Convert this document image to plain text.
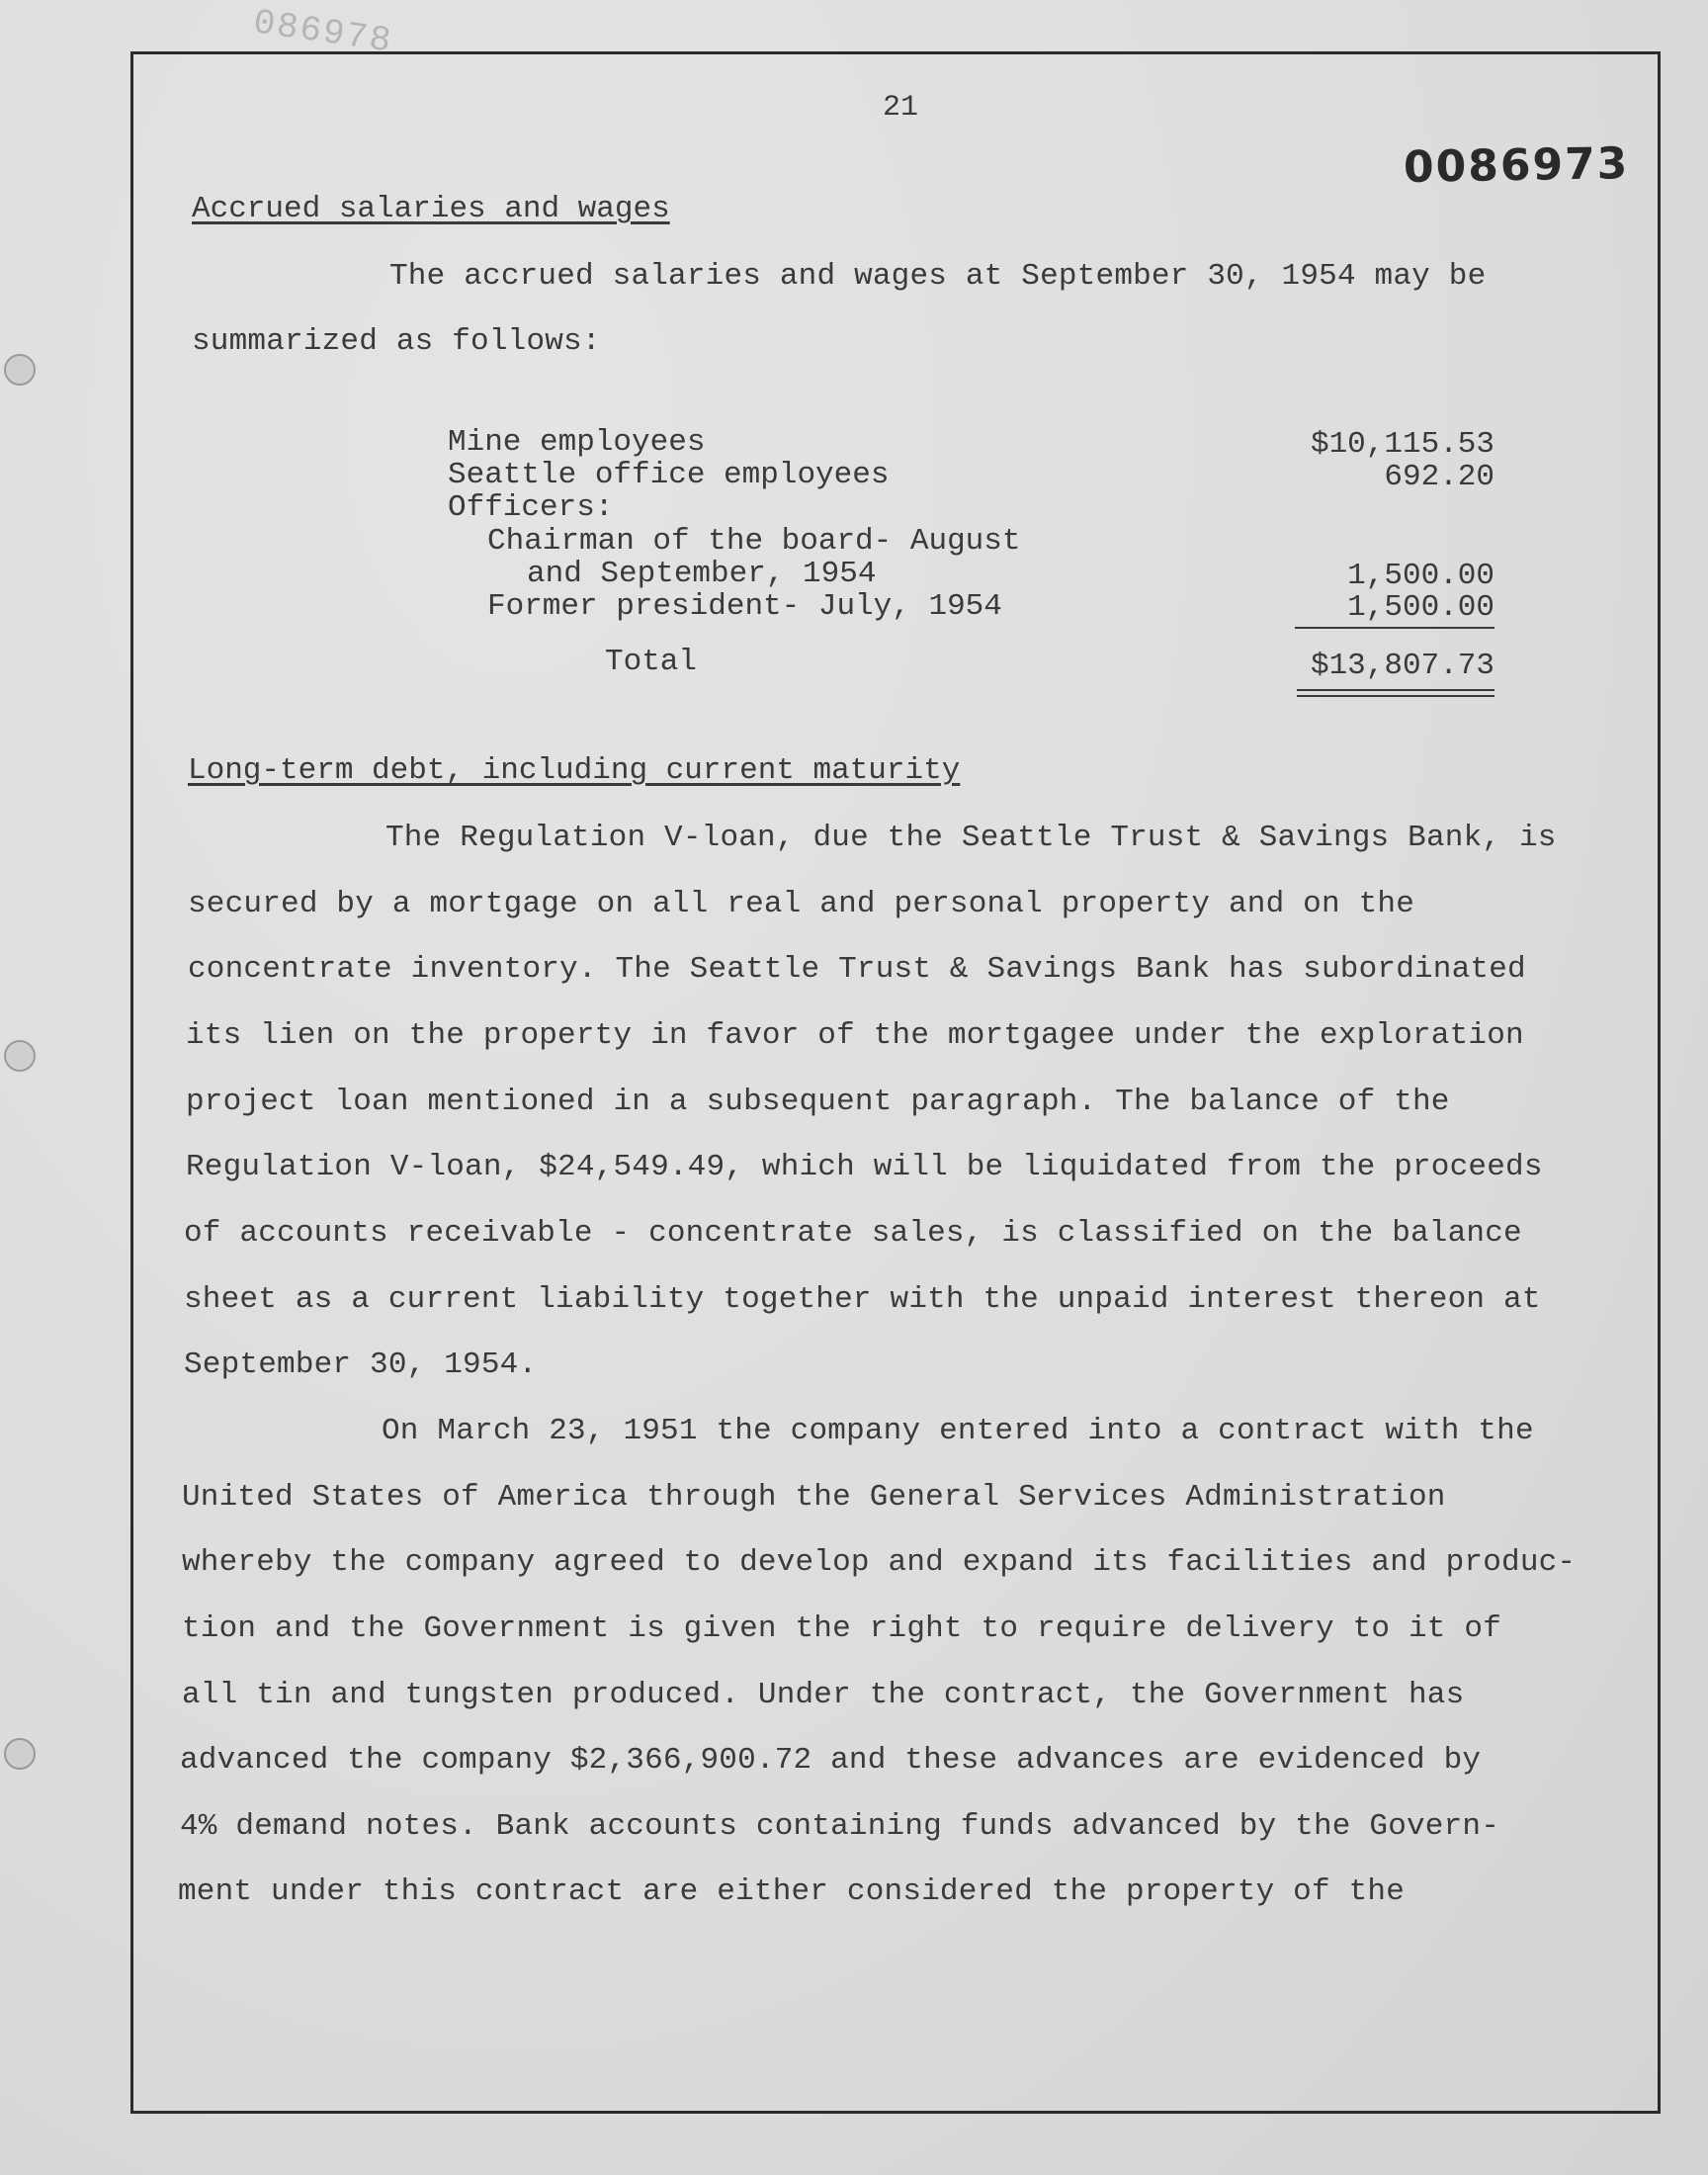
086978
21
0086973
Accrued salaries and wages
The accrued salaries and wages at September 30, 1954 may be
summarized as follows:
Mine employees	$10,115.53
Seattle office employees	692.20
Officers:
Chairman of the board- August
and September, 1954	1,500.00
Former president- July, 1954	1,500.00
Total	$13,807.73
Long-term debt, including current maturity
The Regulation V-loan, due the Seattle Trust & Savings Bank, is
secured by a mortgage on all real and personal property and on the
concentrate inventory. The Seattle Trust & Savings Bank has subordinated
its lien on the property in favor of the mortgagee under the exploration
project loan mentioned in a subsequent paragraph. The balance of the
Regulation V-loan, $24,549.49, which will be liquidated from the proceeds
of accounts receivable - concentrate sales, is classified on the balance
sheet as a current liability together with the unpaid interest thereon at
September 30, 1954.
On March 23, 1951 the company entered into a contract with the
United States of America through the General Services Administration
whereby the company agreed to develop and expand its facilities and produc-
tion and the Government is given the right to require delivery to it of
all tin and tungsten produced. Under the contract, the Government has
advanced the company $2,366,900.72 and these advances are evidenced by
4% demand notes. Bank accounts containing funds advanced by the Govern-
ment under this contract are either considered the property of the
